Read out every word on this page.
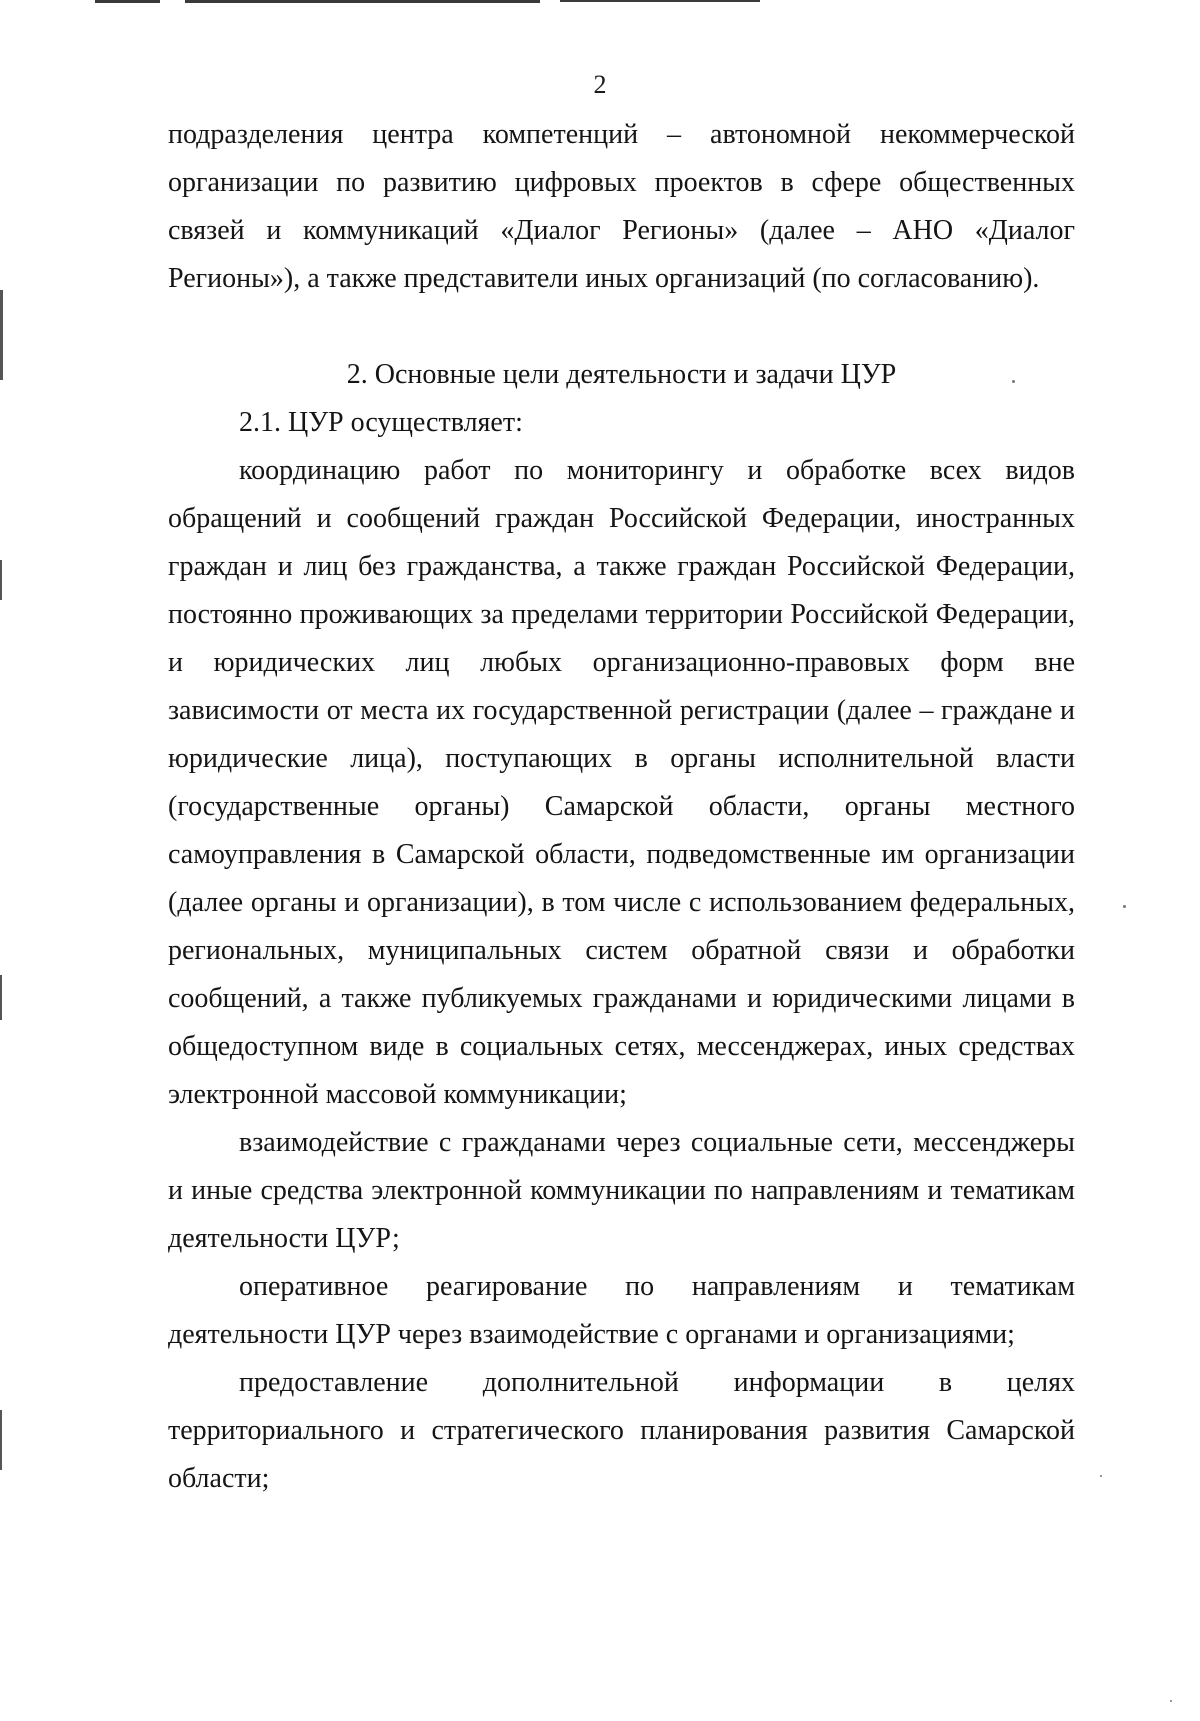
2

подразделения центра компетенций – автономной некоммерческой организации по развитию цифровых проектов в сфере общественных связей и коммуникаций «Диалог Регионы» (далее – АНО «Диалог Регионы»), а также представители иных организаций (по согласованию).

2. Основные цели деятельности и задачи ЦУР

2.1. ЦУР осуществляет:

координацию работ по мониторингу и обработке всех видов обращений и сообщений граждан Российской Федерации, иностранных граждан и лиц без гражданства, а также граждан Российской Федерации, постоянно проживающих за пределами территории Российской Федерации, и юридических лиц любых организационно-правовых форм вне зависимости от места их государственной регистрации (далее – граждане и юридические лица), поступающих в органы исполнительной власти (государственные органы) Самарской области, органы местного самоуправления в Самарской области, подведомственные им организации (далее органы и организации), в том числе с использованием федеральных, региональных, муниципальных систем обратной связи и обработки сообщений, а также публикуемых гражданами и юридическими лицами в общедоступном виде в социальных сетях, мессенджерах, иных средствах электронной массовой коммуникации;

взаимодействие с гражданами через социальные сети, мессенджеры и иные средства электронной коммуникации по направлениям и тематикам деятельности ЦУР;

оперативное реагирование по направлениям и тематикам деятельности ЦУР через взаимодействие с органами и организациями;

предоставление дополнительной информации в целях территориального и стратегического планирования развития Самарской области;
